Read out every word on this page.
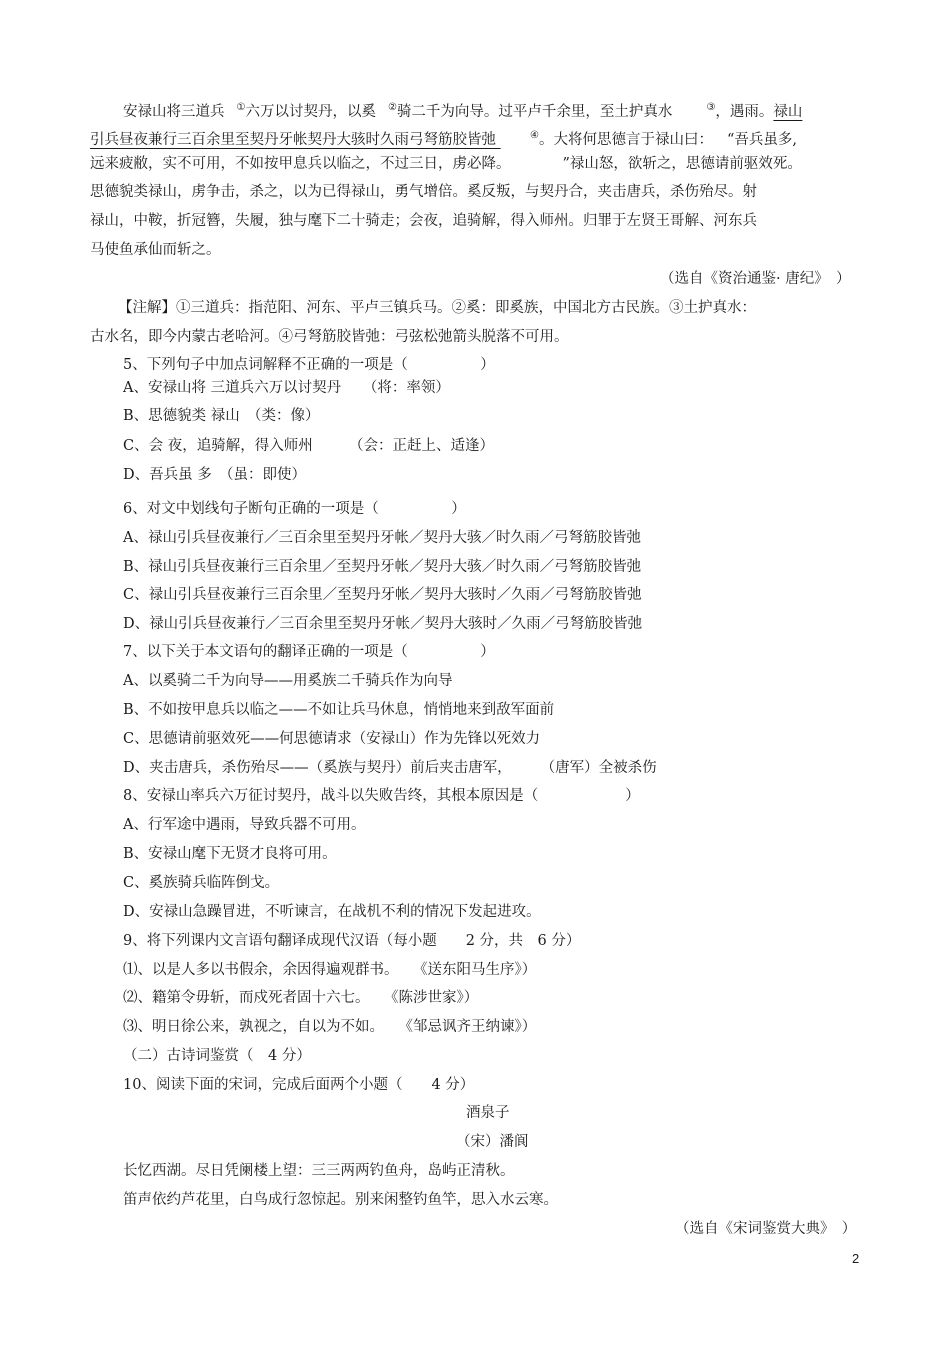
安禄山将三道兵 ①六万以讨契丹，以奚 ②骑二千为向导。过平卢千余里，至土护真水	③，遇雨。禄山
引兵昼夜兼行三百余里至契丹牙帐契丹大骇时久雨弓弩筋胶皆弛	④。大将何思德言于禄山曰： “吾兵虽多,
远来疲敝，实不可用，不如按甲息兵以临之，不过三日，虏必降。	”禄山怒，欲斩之，思德请前驱效死。
思德貌类禄山，虏争击，杀之，以为已得禄山，勇气增倍。奚反叛，与契丹合，夹击唐兵，杀伤殆尽。射
禄山，中鞍，折冠簪，失履，独与麾下二十骑走；会夜，追骑解，得入师州。归罪于左贤王哥解、河东兵
马使鱼承仙而斩之。
（选自《资治通鉴· 唐纪》　）
【注解】①三道兵：指范阳、河东、平卢三镇兵马。②奚：即奚族，中国北方古民族。③土护真水：
古水名，即今内蒙古老哈河。④弓弩筋胶皆弛：弓弦松弛箭头脱落不可用。
5、下列句子中加点词解释不正确的一项是（　　　　　）
A、安禄山将 三道兵六万以讨契丹　　（将：率领）
B、思德貌类 禄山　（类：像）
C、会 夜，追骑解，得入师州　　　（会：正赶上、适逢）
D、吾兵虽 多　（虽：即使）
6、对文中划线句子断句正确的一项是（　　　　　）
A、禄山引兵昼夜兼行／三百余里至契丹牙帐／契丹大骇／时久雨／弓弩筋胶皆弛
B、禄山引兵昼夜兼行三百余里／至契丹牙帐／契丹大骇／时久雨／弓弩筋胶皆弛
C、禄山引兵昼夜兼行三百余里／至契丹牙帐／契丹大骇时／久雨／弓弩筋胶皆弛
D、禄山引兵昼夜兼行／三百余里至契丹牙帐／契丹大骇时／久雨／弓弩筋胶皆弛
7、以下关于本文语句的翻译正确的一项是（　　　　　）
A、以奚骑二千为向导——用奚族二千骑兵作为向导
B、不如按甲息兵以临之——不如让兵马休息，悄悄地来到敌军面前
C、思德请前驱效死——何思德请求（安禄山）作为先锋以死效力
D、夹击唐兵，杀伤殆尽——（奚族与契丹）前后夹击唐军，　　　（唐军）全被杀伤
8、安禄山率兵六万征讨契丹，战斗以失败告终，其根本原因是（　　　　　　）
A、行军途中遇雨，导致兵器不可用。
B、安禄山麾下无贤才良将可用。
C、奚族骑兵临阵倒戈。
D、安禄山急躁冒进，不听谏言，在战机不利的情况下发起进攻。
9、将下列课内文言语句翻译成现代汉语（每小题　　2 分，共　6 分）
⑴、以是人多以书假余，余因得遍观群书。　　《送东阳马生序》）
⑵、籍第令毋斩，而戍死者固十六七。　　《陈涉世家》）
⑶、明日徐公来，孰视之，自以为不如。　　《邹忌讽齐王纳谏》）
（二）古诗词鉴赏（　4 分）
10、阅读下面的宋词，完成后面两个小题（　　4 分）
酒泉子
（宋）潘阆
长忆西湖。尽日凭阑楼上望：三三两两钓鱼舟，岛屿正清秋。
笛声依约芦花里，白鸟成行忽惊起。别来闲整钓鱼竿，思入水云寒。
（选自《宋词鉴赏大典》　）
2
